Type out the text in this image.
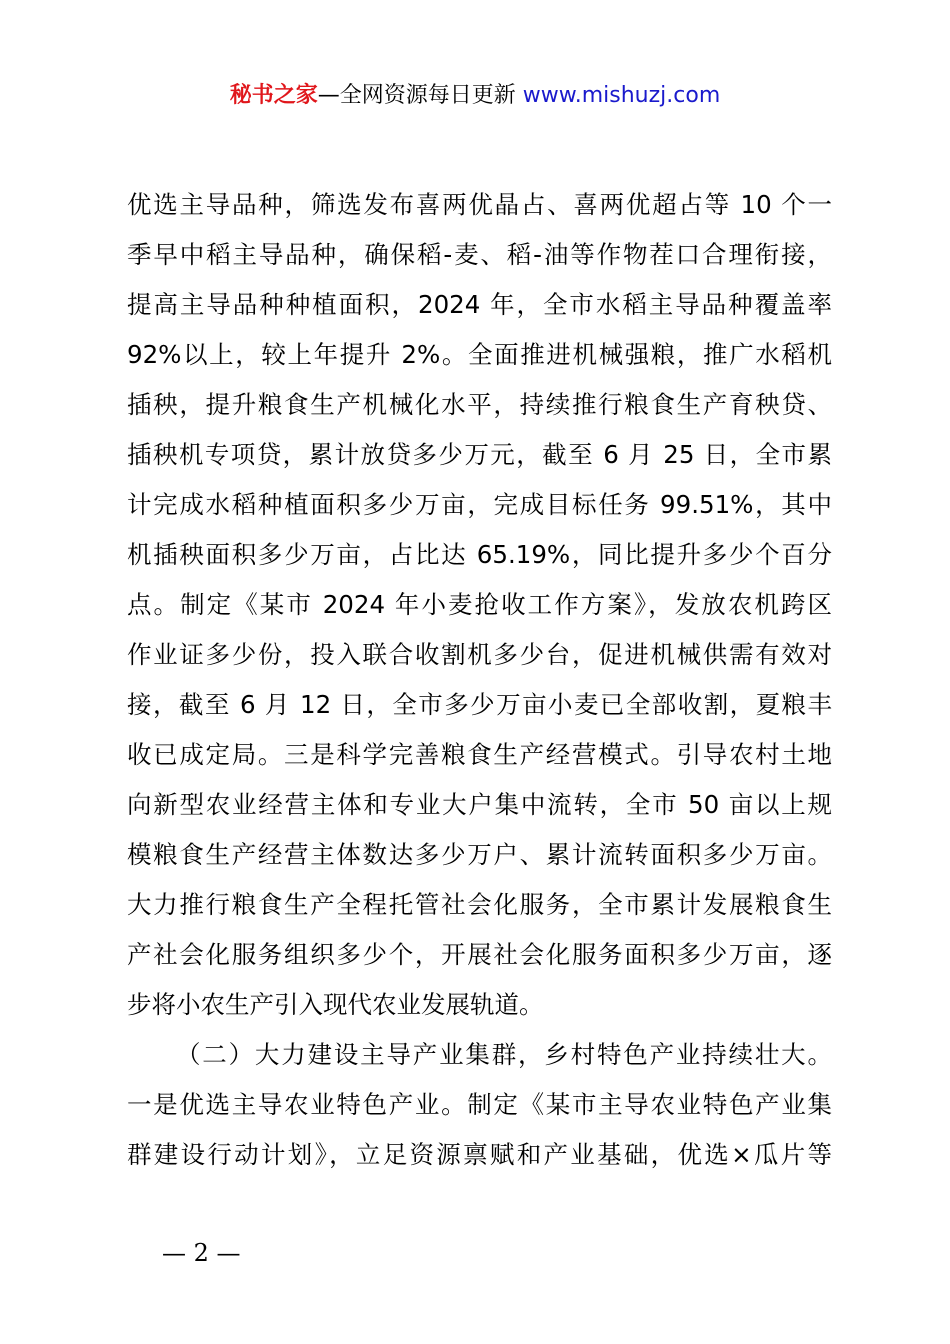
秘书之家—全网资源每日更新 www.mishuzj.com
优选主导品种，筛选发布喜两优晶占、喜两优超占等 10 个一
季早中稻主导品种，确保稻-麦、稻-油等作物茬口合理衔接，
提高主导品种种植面积，2024 年，全市水稻主导品种覆盖率
92%以上，较上年提升 2%。全面推进机械强粮，推广水稻机
插秧，提升粮食生产机械化水平，持续推行粮食生产育秧贷、
插秧机专项贷，累计放贷多少万元，截至 6 月 25 日，全市累
计完成水稻种植面积多少万亩，完成目标任务 99.51%，其中
机插秧面积多少万亩，占比达 65.19%，同比提升多少个百分
点。制定《某市 2024 年小麦抢收工作方案》，发放农机跨区
作业证多少份，投入联合收割机多少台，促进机械供需有效对
接，截至 6 月 12 日，全市多少万亩小麦已全部收割，夏粮丰
收已成定局。三是科学完善粮食生产经营模式。引导农村土地
向新型农业经营主体和专业大户集中流转，全市 50 亩以上规
模粮食生产经营主体数达多少万户、累计流转面积多少万亩。
大力推行粮食生产全程托管社会化服务，全市累计发展粮食生
产社会化服务组织多少个，开展社会化服务面积多少万亩，逐
步将小农生产引入现代农业发展轨道。
（二）大力建设主导产业集群，乡村特色产业持续壮大。
一是优选主导农业特色产业。制定《某市主导农业特色产业集
群建设行动计划》，立足资源禀赋和产业基础，优选×瓜片等
— 2 —
